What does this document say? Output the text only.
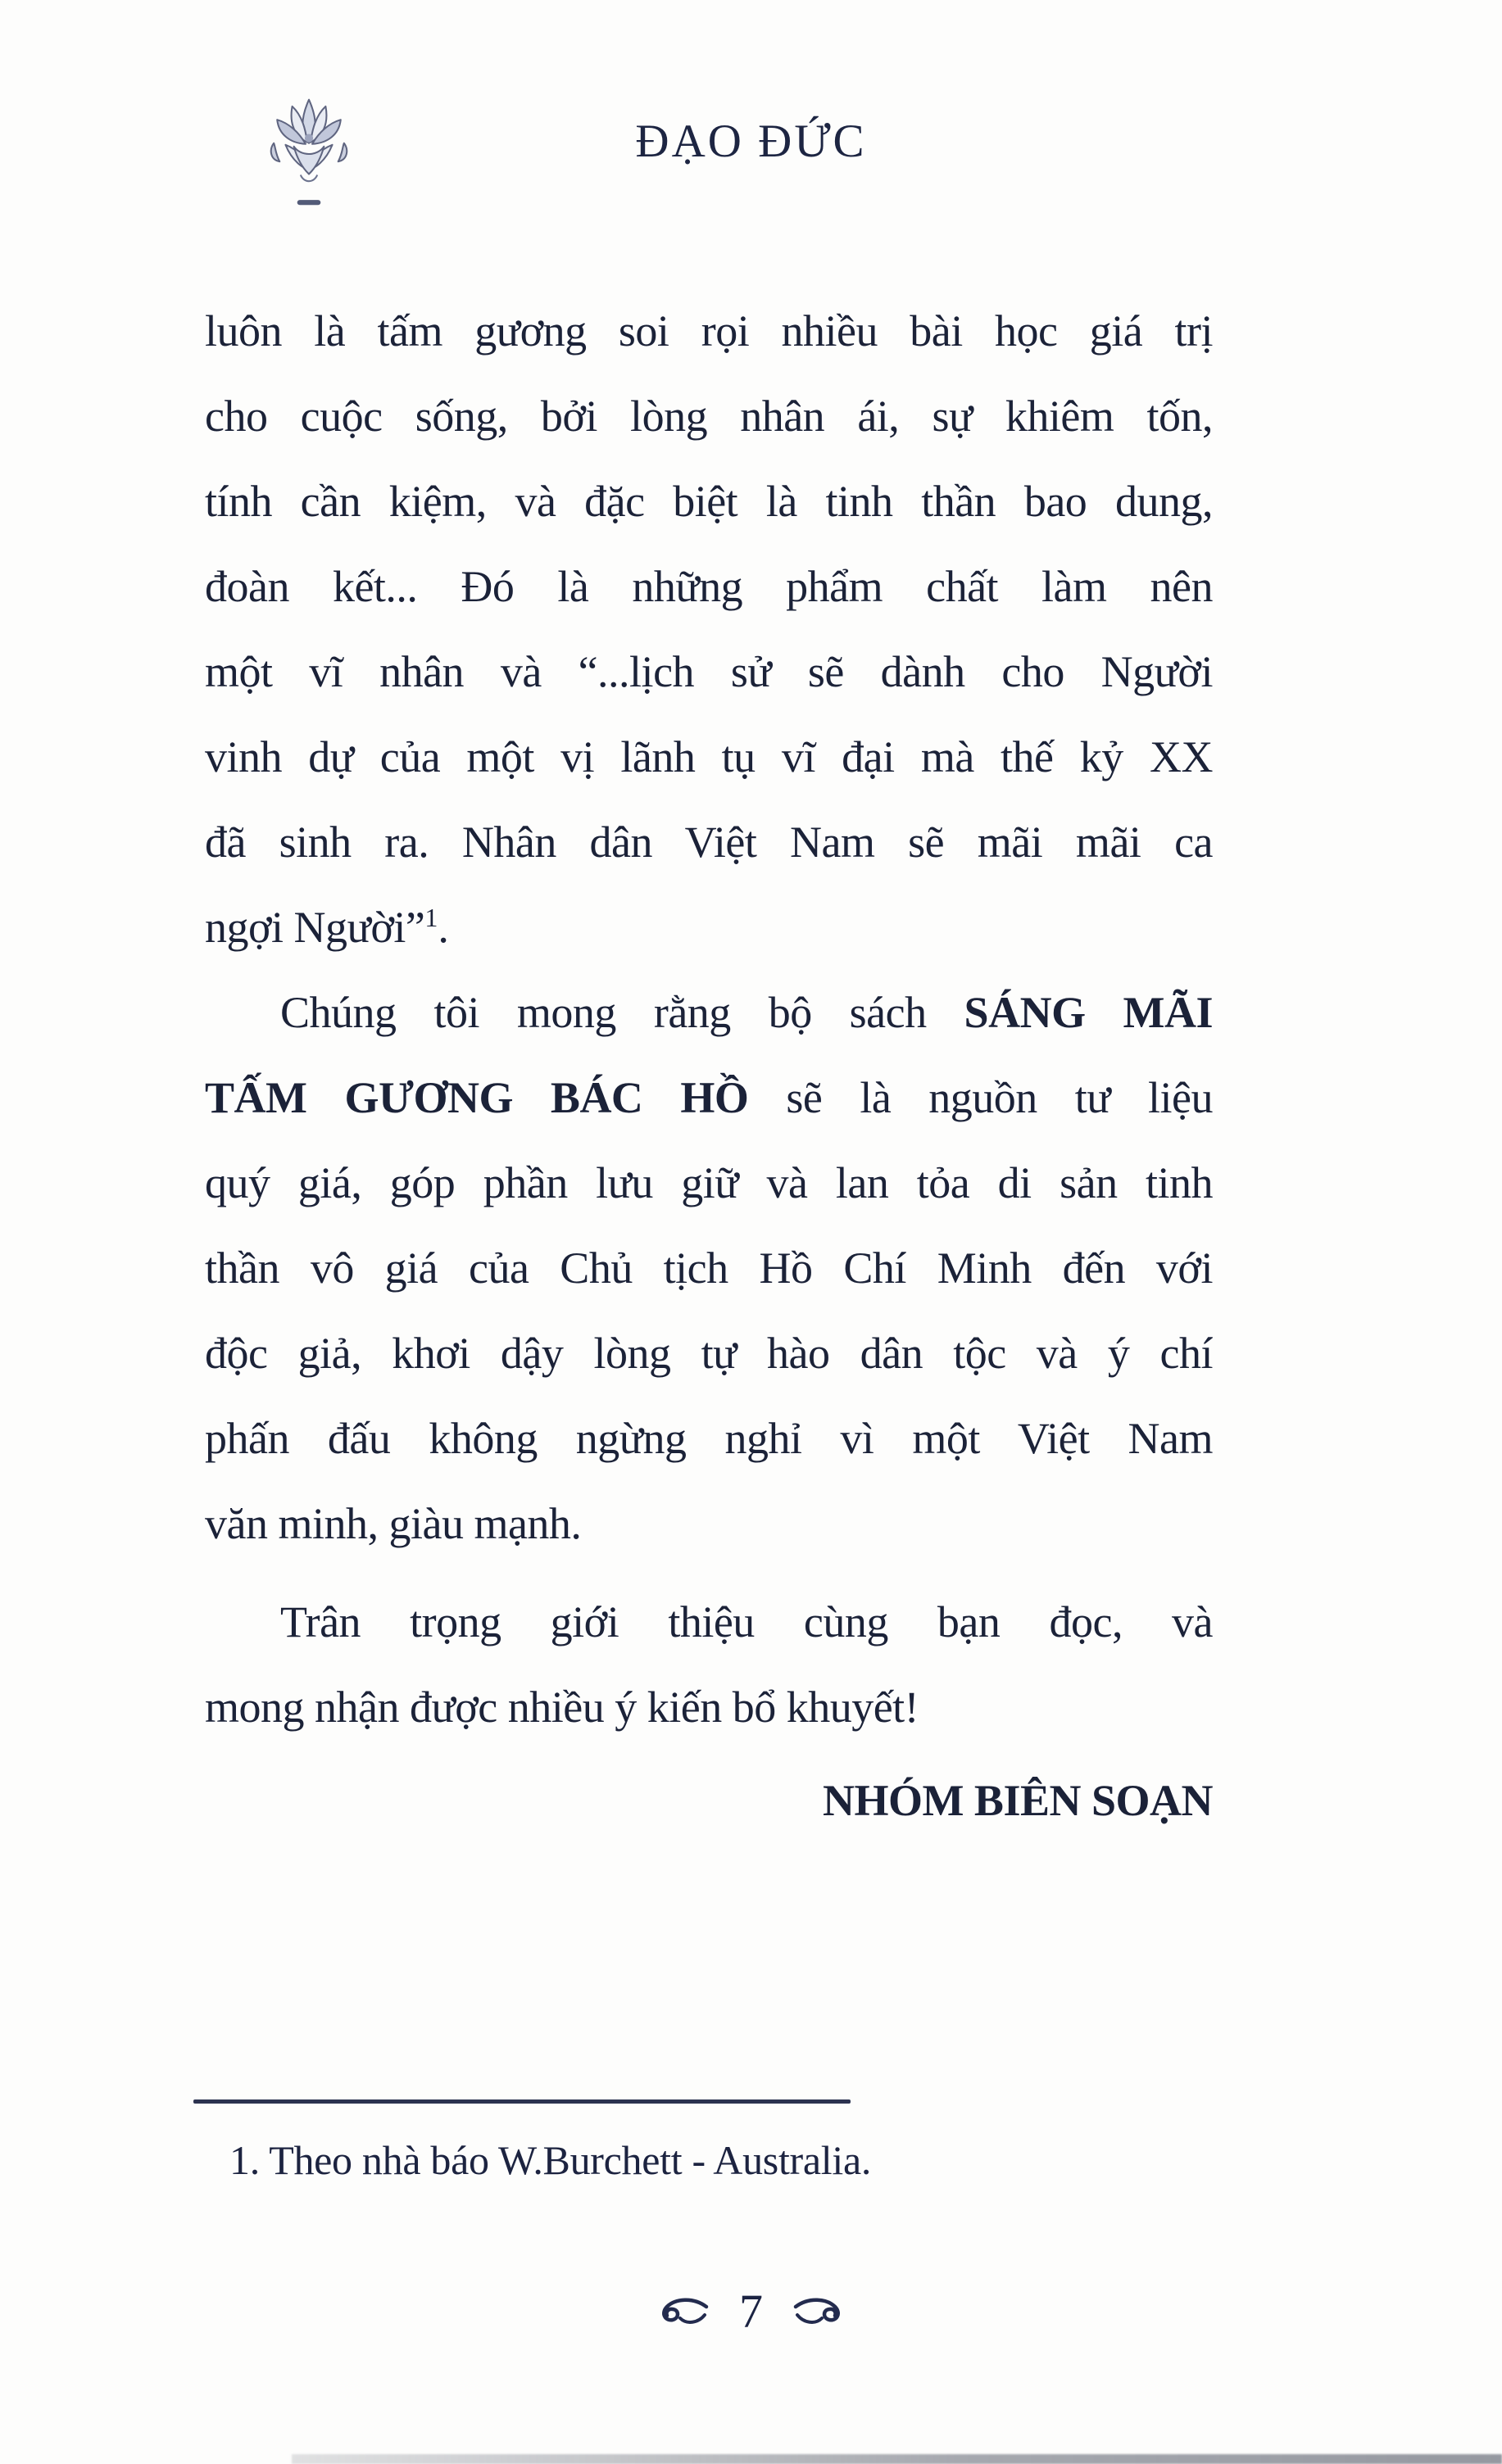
ĐẠO ĐỨC
luôn là tấm gương soi rọi nhiều bài học giá trị
cho cuộc sống, bởi lòng nhân ái, sự khiêm tốn,
tính cần kiệm, và đặc biệt là tinh thần bao dung,
đoàn kết... Đó là những phẩm chất làm nên
một vĩ nhân và “...lịch sử sẽ dành cho Người
vinh dự của một vị lãnh tụ vĩ đại mà thế kỷ XX
đã sinh ra. Nhân dân Việt Nam sẽ mãi mãi ca
ngợi Người”$^1$.
Chúng tôi mong rằng bộ sách SÁNG MÃI
TẤM GƯƠNG BÁC HỒ sẽ là nguồn tư liệu
quý giá, góp phần lưu giữ và lan tỏa di sản tinh
thần vô giá của Chủ tịch Hồ Chí Minh đến với
độc giả, khơi dậy lòng tự hào dân tộc và ý chí
phấn đấu không ngừng nghỉ vì một Việt Nam
văn minh, giàu mạnh.
Trân trọng giới thiệu cùng bạn đọc, và
mong nhận được nhiều ý kiến bổ khuyết!
NHÓM BIÊN SOẠN
1. Theo nhà báo W.Burchett - Australia.
7
